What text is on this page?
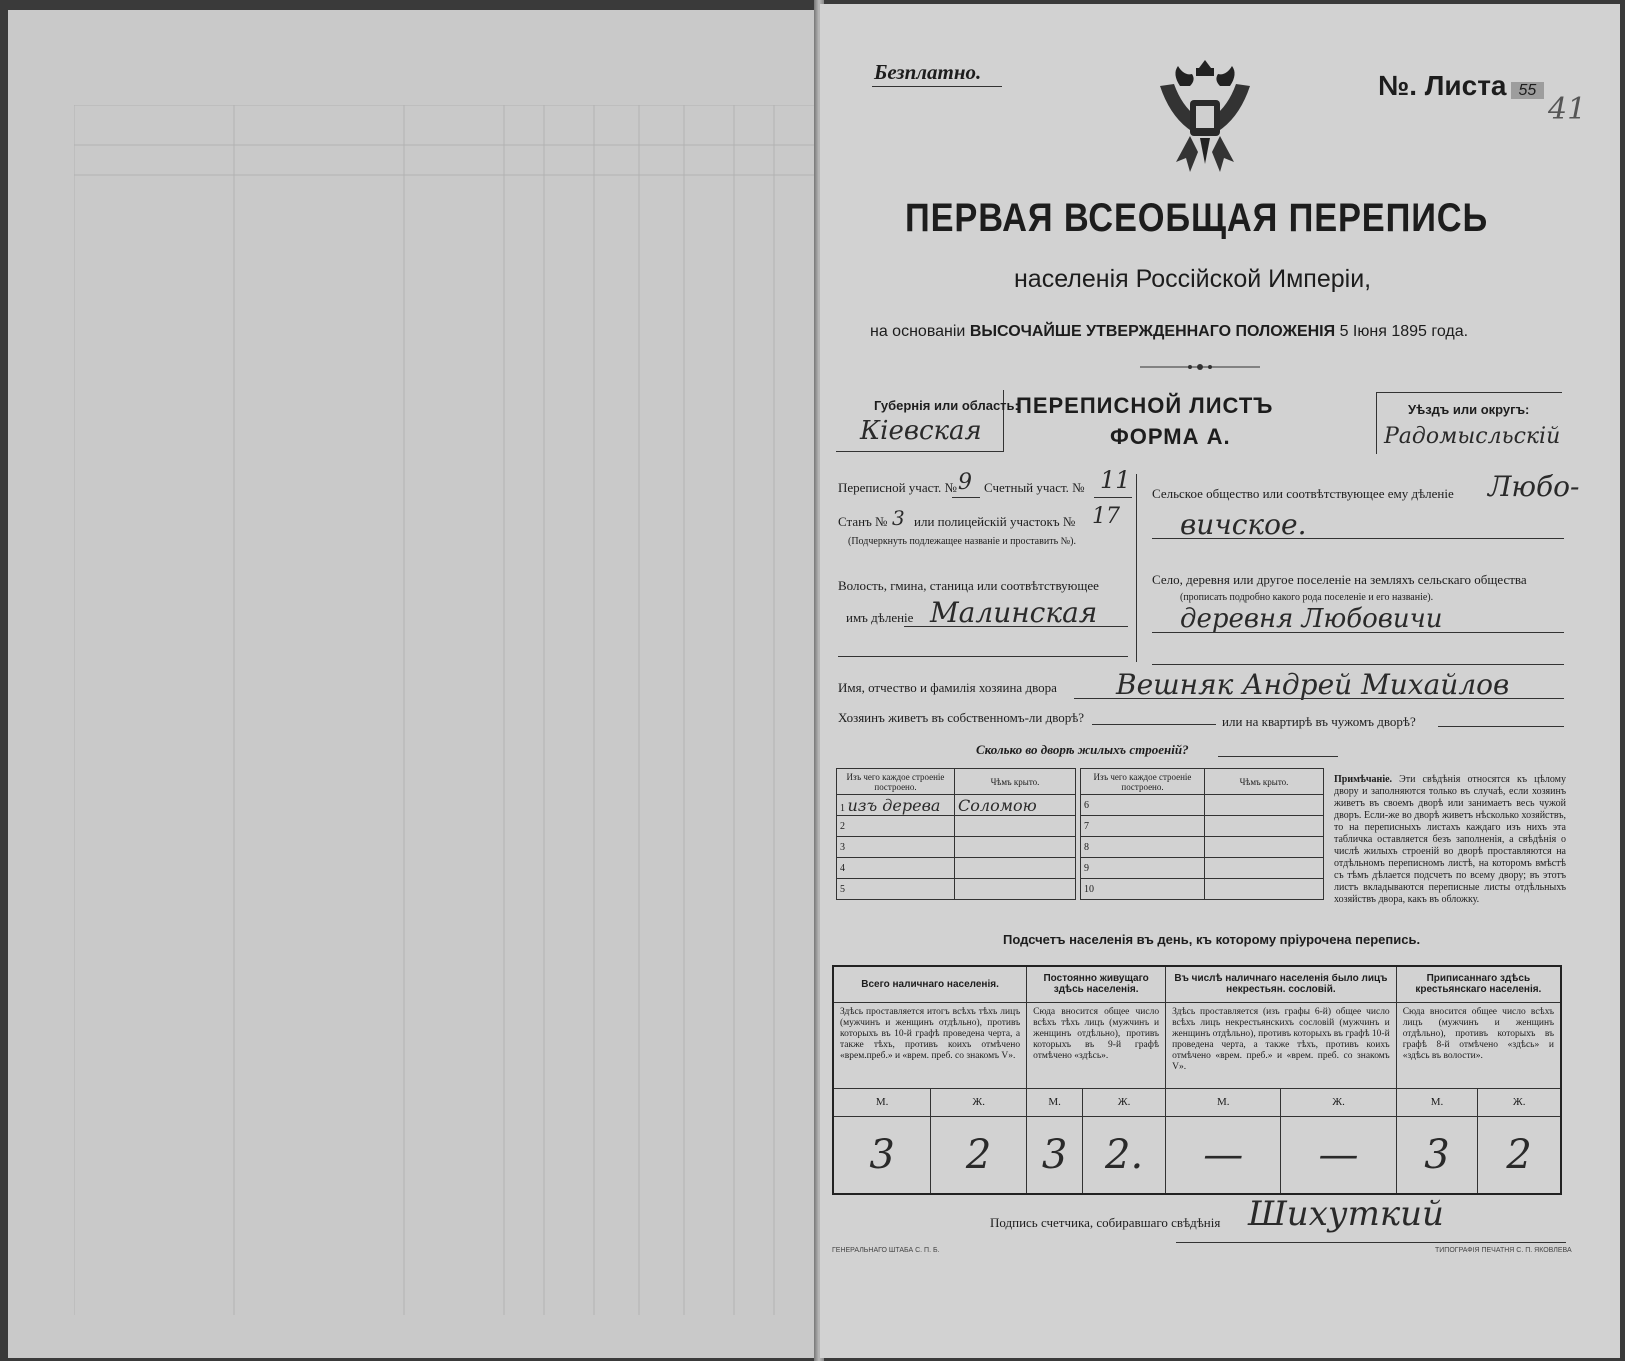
Безплатно.	№. Листа 55
41
ПЕРВАЯ ВСЕОБЩАЯ ПЕРЕПИСЬ
населенія Россійской Имперіи,
на основаніи ВЫСОЧАЙШЕ УТВЕРЖДЕННАГО ПОЛОЖЕНІЯ 5 Іюня 1895 года.
Губернія или область:
Кіевская
ПЕРЕПИСНОЙ ЛИСТЪ
ФОРМА А.
Уѣздъ или округъ:
Радомысльскій
Переписной участ. № 9 Счетный участ. № 11
Станъ № 3 или полицейскій участокъ № 17
(Подчеркнуть подлежащее названіе и проставить №).
Волость, гмина, станица или соотвѣтствующее
имъ дѣленіе Малинская
Сельское общество или соотвѣтствующее ему дѣленіе Любо-
вичское.
Село, деревня или другое поселеніе на земляхъ сельскаго общества
(прописать подробно какого рода поселеніе и его названіе).
деревня Любовичи
Имя, отчество и фамилія хозяина двора Вешняк Андрей Михайлов
Хозяинъ живетъ въ собственномъ-ли дворѣ?	или на квартирѣ въ чужомъ дворѣ?
Сколько во дворѣ жилыхъ строеній?
Изъ чего каждое строеніе построено.	Чѣмъ крыто.
1 изъ дерева	Соломою
2	
3	
4	
5	
Изъ чего каждое строеніе построено.	Чѣмъ крыто.
6	
7	
8	
9	
10	
Примѣчаніе. Эти свѣдѣнія относятся къ цѣлому двору и заполняются только въ случаѣ, если хозяинъ живетъ въ своемъ дворѣ или занимаетъ весь чужой дворъ. Если-же во дворѣ живетъ нѣсколько хозяйствъ, то на переписныхъ листахъ каждаго изъ нихъ эта табличка оставляется безъ заполненія, а свѣдѣнія о числѣ жилыхъ строеній во дворѣ проставляются на отдѣльномъ переписномъ листѣ, на которомъ вмѣстѣ съ тѣмъ дѣлается подсчетъ по всему двору; въ этотъ листъ вкладываются переписные листы отдѣльныхъ хозяйствъ двора, какъ въ обложку.
Подсчетъ населенія въ день, къ которому пріурочена перепись.
Всего наличнаго населенія.		Постоянно живущаго здѣсь населенія.		Въ числѣ наличнаго населенія было лицъ некрестьян. сословій.		Приписаннаго здѣсь крестьянскаго населенія.	
Здѣсь проставляется итогъ всѣхъ тѣхъ лицъ (мужчинъ и женщинъ отдѣльно), противъ которыхъ въ 10-й графѣ проведена черта, а также тѣхъ, противъ коихъ отмѣчено «врем.преб.» и «врем. преб. со знакомъ V».		Сюда вносится общее число всѣхъ тѣхъ лицъ (мужчинъ и женщинъ отдѣльно), противъ которыхъ въ 9-й графѣ отмѣчено «здѣсь».		Здѣсь проставляется (изъ графы 6-й) общее число всѣхъ лицъ некрестьянскихъ сословій (мужчинъ и женщинъ отдѣльно), противъ которыхъ въ графѣ 10-й проведена черта, а также тѣхъ, противъ коихъ отмѣчено «врем. преб.» и «врем. преб. со знакомъ V».		Сюда вносится общее число всѣхъ лицъ (мужчинъ и женщинъ отдѣльно), противъ которыхъ въ графѣ 8-й отмѣчено «здѣсь» и «здѣсь въ волости».	
М.	Ж.	М.	Ж.	М.	Ж.	М.	Ж.
3	2	3	2.	—	—	3	2
Подпись счетчика, собиравшаго свѣдѣнія Шихуткий
ГЕНЕРАЛЬНАГО ШТАБА С. П. Б.	ТИПОГРАФІЯ ПЕЧАТНЯ С. П. ЯКОВЛЕВА
